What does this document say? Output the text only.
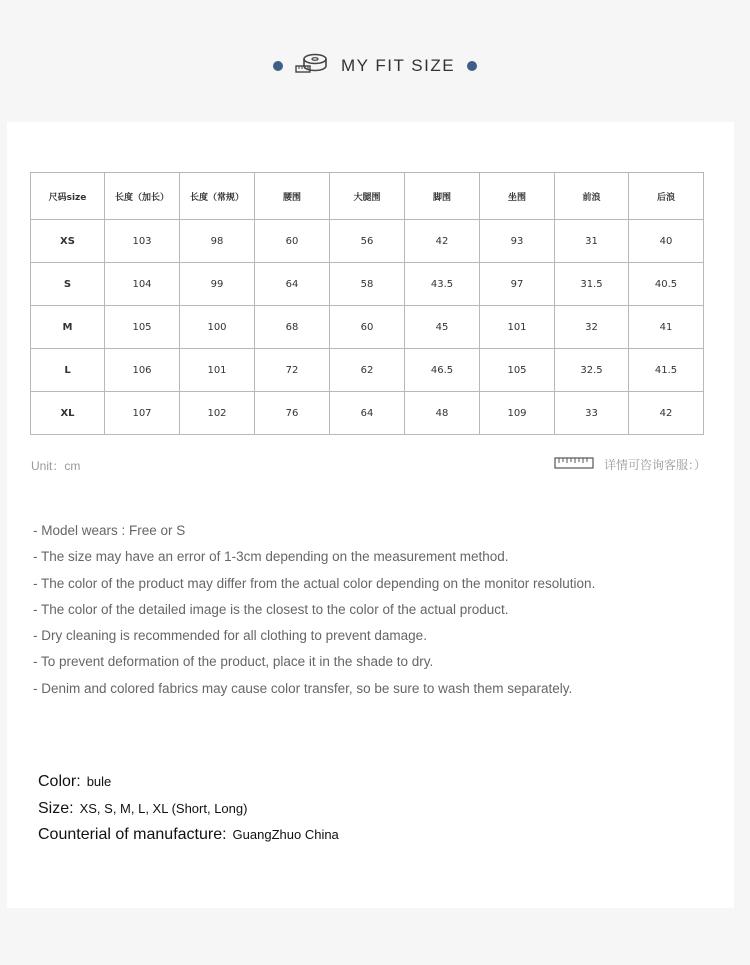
MY FIT SIZE
尺码size	长度（加长）	长度（常规）	腰围	大腿围	脚围	坐围	前浪	后浪
XS	103	98	60	56	42	93	31	40
S	104	99	64	58	43.5	97	31.5	40.5
M	105	100	68	60	45	101	32	41
L	106	101	72	62	46.5	105	32.5	41.5
XL	107	102	76	64	48	109	33	42
Unit：cm	详情可咨询客服：）
- Model wears : Free or S
- The size may have an error of 1-3cm depending on the measurement method.
- The color of the product may differ from the actual color depending on the monitor resolution.
- The color of the detailed image is the closest to the color of the actual product.
- Dry cleaning is recommended for all clothing to prevent damage.
- To prevent deformation of the product, place it in the shade to dry.
- Denim and colored fabrics may cause color transfer, so be sure to wash them separately.
Color: bule
Size: XS, S, M, L, XL (Short, Long)
Counterial of manufacture: GuangZhuo China
